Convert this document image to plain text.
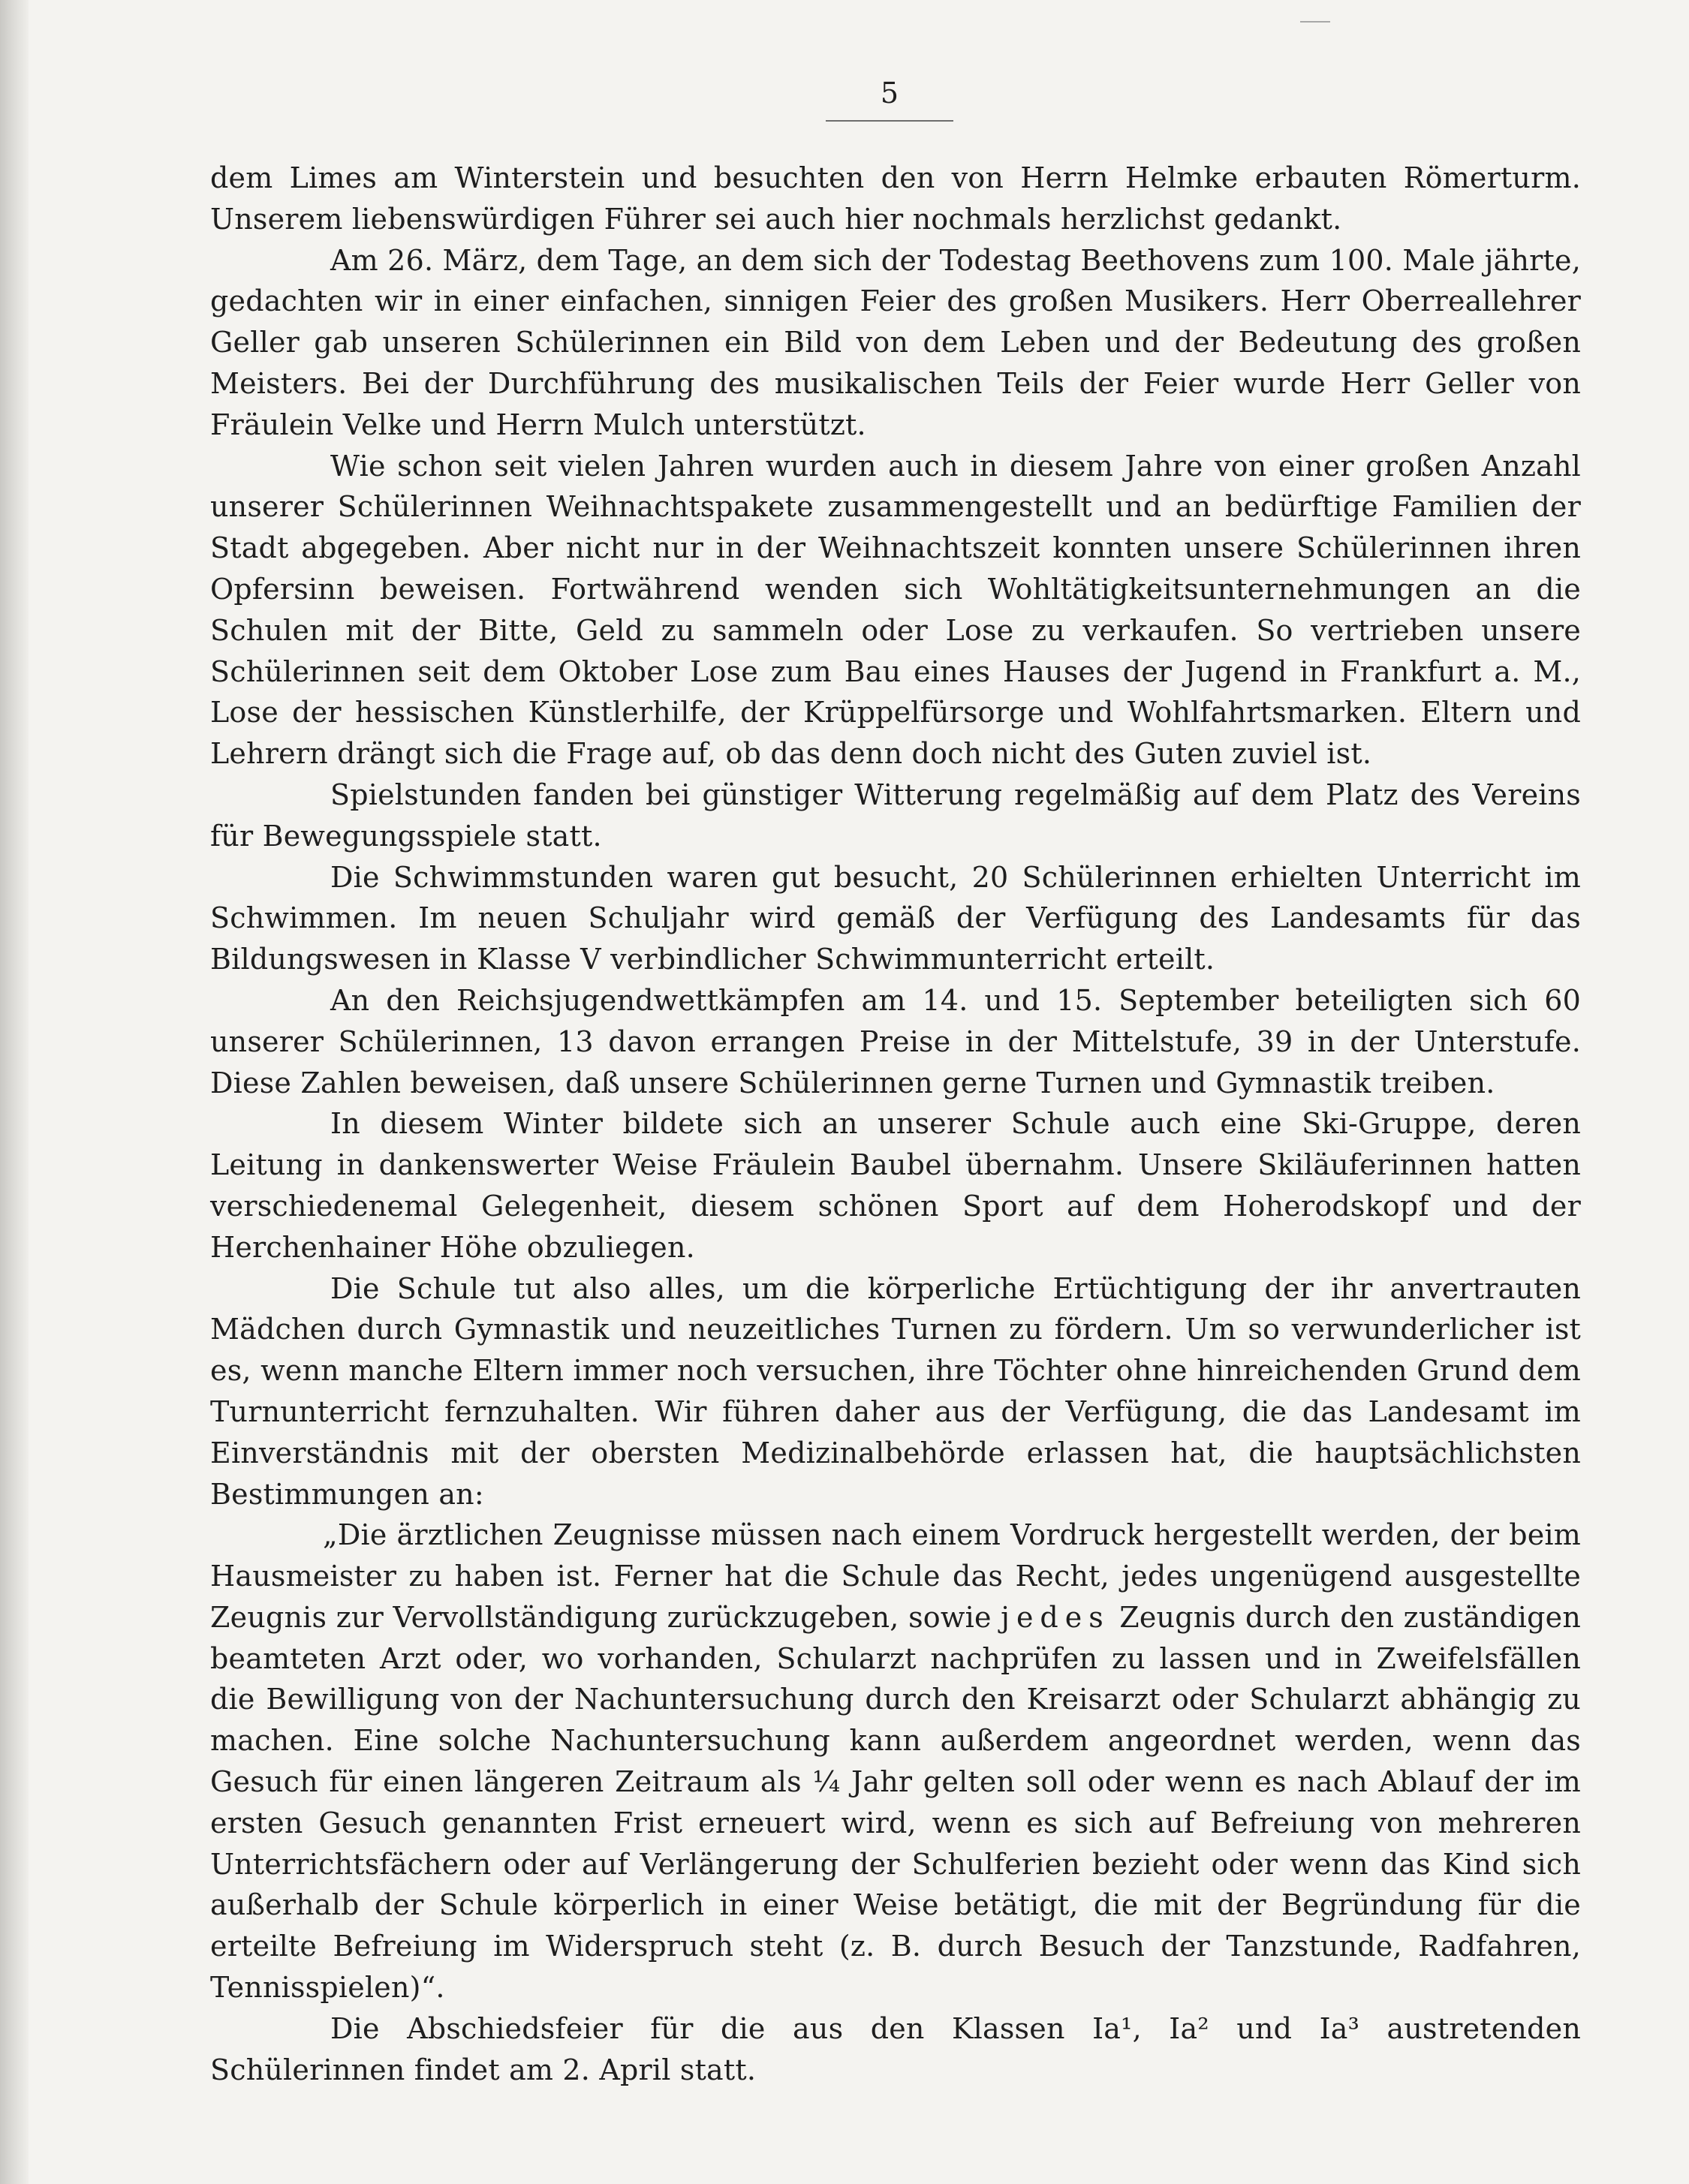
5

dem Limes am Winterstein und besuchten den von Herrn Helmke erbauten Römerturm. Unserem liebenswürdigen Führer sei auch hier nochmals herzlichst gedankt.

Am 26. März, dem Tage, an dem sich der Todestag Beethovens zum 100. Male jährte, gedachten wir in einer einfachen, sinnigen Feier des großen Musikers. Herr Oberreallehrer Geller gab unseren Schülerinnen ein Bild von dem Leben und der Bedeutung des großen Meisters. Bei der Durchführung des musikalischen Teils der Feier wurde Herr Geller von Fräulein Velke und Herrn Mulch unterstützt.

Wie schon seit vielen Jahren wurden auch in diesem Jahre von einer großen Anzahl unserer Schülerinnen Weihnachtspakete zusammengestellt und an bedürftige Familien der Stadt abgegeben. Aber nicht nur in der Weihnachtszeit konnten unsere Schülerinnen ihren Opfersinn beweisen. Fortwährend wenden sich Wohltätigkeitsunternehmungen an die Schulen mit der Bitte, Geld zu sammeln oder Lose zu verkaufen. So vertrieben unsere Schülerinnen seit dem Oktober Lose zum Bau eines Hauses der Jugend in Frankfurt a. M., Lose der hessischen Künstlerhilfe, der Krüppelfürsorge und Wohlfahrtsmarken. Eltern und Lehrern drängt sich die Frage auf, ob das denn doch nicht des Guten zuviel ist.

Spielstunden fanden bei günstiger Witterung regelmäßig auf dem Platz des Vereins für Bewegungsspiele statt.

Die Schwimmstunden waren gut besucht, 20 Schülerinnen erhielten Unterricht im Schwimmen. Im neuen Schuljahr wird gemäß der Verfügung des Landesamts für das Bildungswesen in Klasse V verbindlicher Schwimmunterricht erteilt.

An den Reichsjugendwettkämpfen am 14. und 15. September beteiligten sich 60 unserer Schülerinnen, 13 davon errangen Preise in der Mittelstufe, 39 in der Unterstufe. Diese Zahlen beweisen, daß unsere Schülerinnen gerne Turnen und Gymnastik treiben.

In diesem Winter bildete sich an unserer Schule auch eine Ski-Gruppe, deren Leitung in dankenswerter Weise Fräulein Baubel übernahm. Unsere Skiläuferinnen hatten verschiedenemal Gelegenheit, diesem schönen Sport auf dem Hoherodskopf und der Herchenhainer Höhe obzuliegen.

Die Schule tut also alles, um die körperliche Ertüchtigung der ihr anvertrauten Mädchen durch Gymnastik und neuzeitliches Turnen zu fördern. Um so verwunderlicher ist es, wenn manche Eltern immer noch versuchen, ihre Töchter ohne hinreichenden Grund dem Turnunterricht fernzuhalten. Wir führen daher aus der Verfügung, die das Landesamt im Einverständnis mit der obersten Medizinalbehörde erlassen hat, die hauptsächlichsten Bestimmungen an:

„Die ärztlichen Zeugnisse müssen nach einem Vordruck hergestellt werden, der beim Hausmeister zu haben ist. Ferner hat die Schule das Recht, jedes ungenügend ausgestellte Zeugnis zur Vervollständigung zurückzugeben, sowie jedes Zeugnis durch den zuständigen beamteten Arzt oder, wo vorhanden, Schularzt nachprüfen zu lassen und in Zweifelsfällen die Bewilligung von der Nachuntersuchung durch den Kreisarzt oder Schularzt abhängig zu machen. Eine solche Nachuntersuchung kann außerdem angeordnet werden, wenn das Gesuch für einen längeren Zeitraum als ¼ Jahr gelten soll oder wenn es nach Ablauf der im ersten Gesuch genannten Frist erneuert wird, wenn es sich auf Befreiung von mehreren Unterrichtsfächern oder auf Verlängerung der Schulferien bezieht oder wenn das Kind sich außerhalb der Schule körperlich in einer Weise betätigt, die mit der Begründung für die erteilte Befreiung im Widerspruch steht (z. B. durch Besuch der Tanzstunde, Radfahren, Tennisspielen)“.

Die Abschiedsfeier für die aus den Klassen Ia¹, Ia² und Ia³ austretenden Schülerinnen findet am 2. April statt.
